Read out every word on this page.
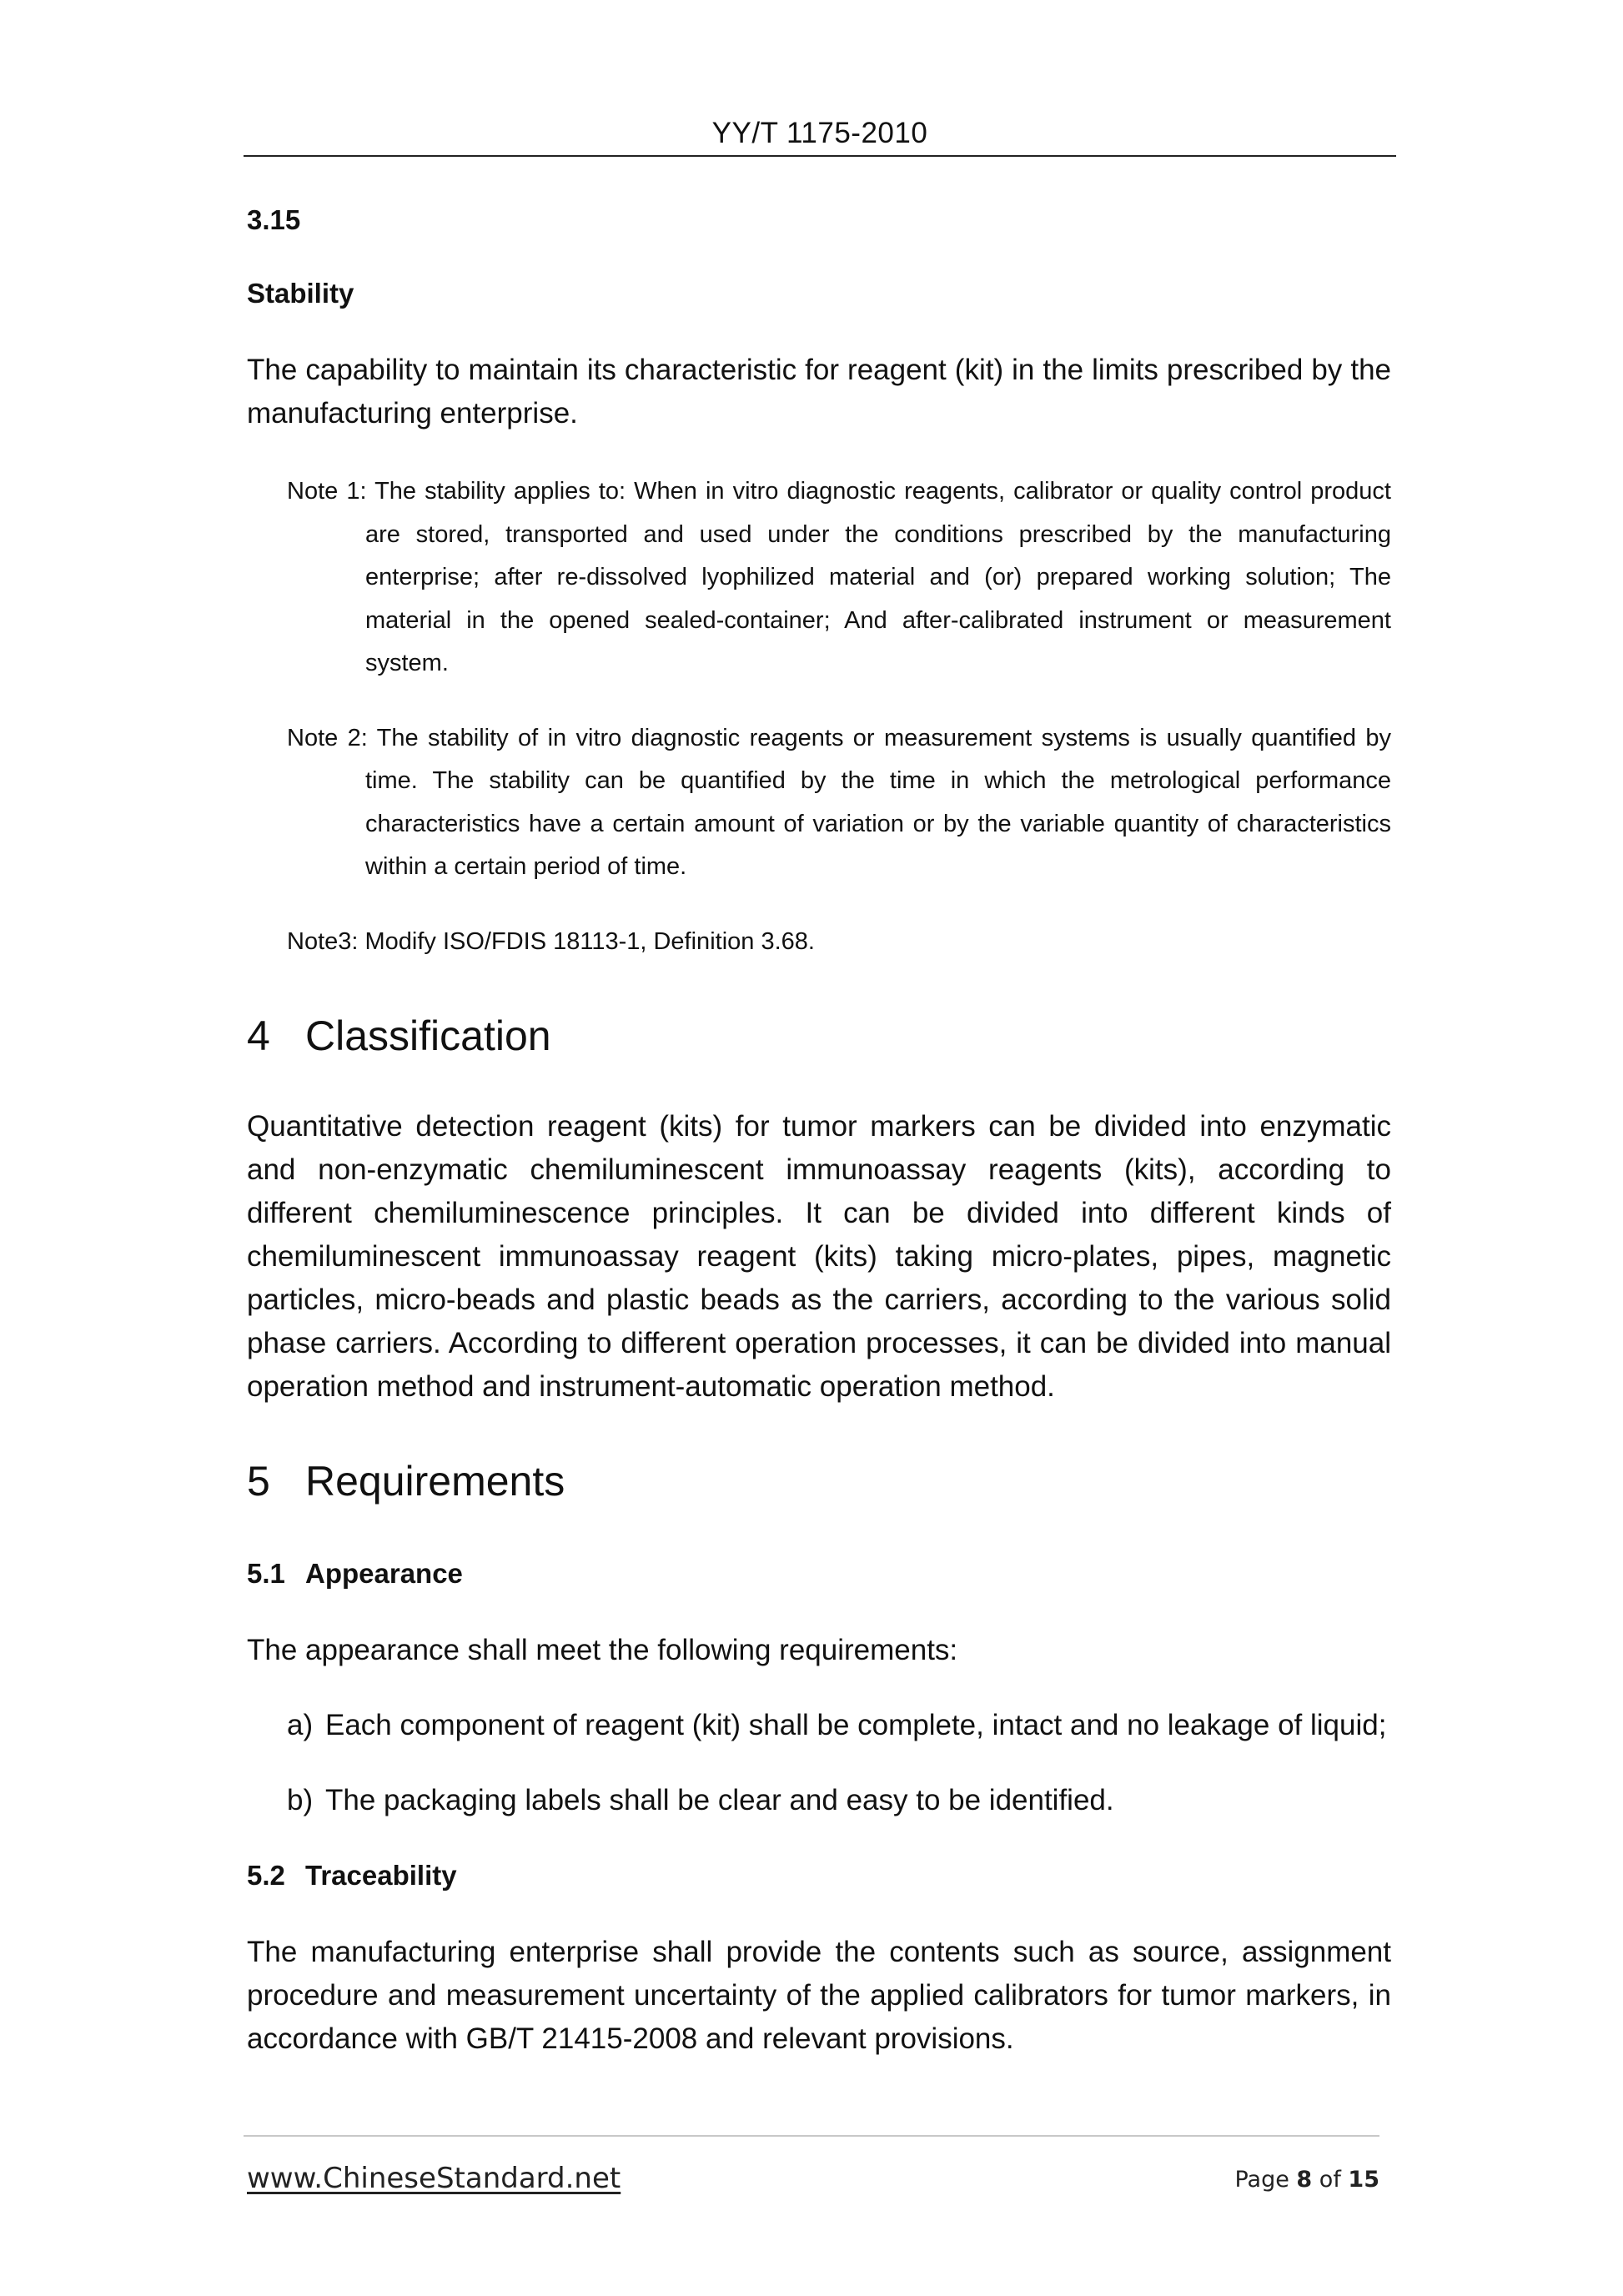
YY/T 1175-2010

3.15

Stability

The capability to maintain its characteristic for reagent (kit) in the limits prescribed by the manufacturing enterprise.

Note 1: The stability applies to: When in vitro diagnostic reagents, calibrator or quality control product are stored, transported and used under the conditions prescribed by the manufacturing enterprise; after re-dissolved lyophilized material and (or) prepared working solution; The material in the opened sealed-container; And after-calibrated instrument or measurement system.

Note 2: The stability of in vitro diagnostic reagents or measurement systems is usually quantified by time. The stability can be quantified by the time in which the metrological performance characteristics have a certain amount of variation or by the variable quantity of characteristics within a certain period of time.

Note3: Modify ISO/FDIS 18113-1, Definition 3.68.

4 Classification

Quantitative detection reagent (kits) for tumor markers can be divided into enzymatic and non-enzymatic chemiluminescent immunoassay reagents (kits), according to different chemiluminescence principles. It can be divided into different kinds of chemiluminescent immunoassay reagent (kits) taking micro-plates, pipes, magnetic particles, micro-beads and plastic beads as the carriers, according to the various solid phase carriers. According to different operation processes, it can be divided into manual operation method and instrument-automatic operation method.

5 Requirements
5.1 Appearance

The appearance shall meet the following requirements:

a) Each component of reagent (kit) shall be complete, intact and no leakage of liquid;

b) The packaging labels shall be clear and easy to be identified.

5.2 Traceability

The manufacturing enterprise shall provide the contents such as source, assignment procedure and measurement uncertainty of the applied calibrators for tumor markers, in accordance with GB/T 21415-2008 and relevant provisions.

www.ChineseStandard.net	Page 8 of 15
